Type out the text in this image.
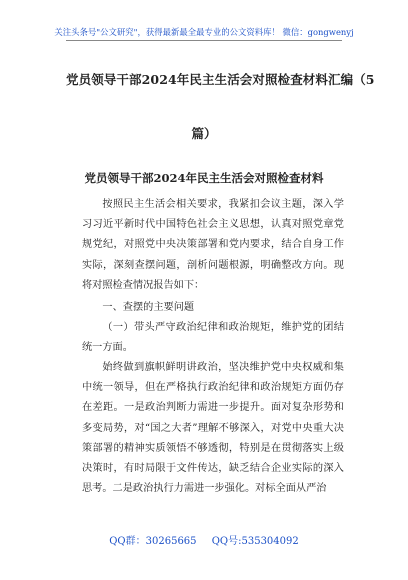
关注头条号"公文研究"，获得最新最全最专业的公文资料库！ 微信：gongwenyj
党员领导干部2024年民主生活会对照检查材料汇编（5
篇）
党员领导干部2024年民主生活会对照检查材料

按照民主生活会相关要求，我紧扣会议主题，深入学习习近平新时代中国特色社会主义思想，认真对照党章党规党纪，对照党中央决策部署和党内要求，结合自身工作实际，深刻查摆问题，剖析问题根源，明确整改方向。现将对照检查情况报告如下：

一、查摆的主要问题

（一）带头严守政治纪律和政治规矩，维护党的团结统一方面。

始终做到旗帜鲜明讲政治，坚决维护党中央权威和集中统一领导，但在严格执行政治纪律和政治规矩方面仍存在差距。一是政治判断力需进一步提升。面对复杂形势和多变局势，对“国之大者”理解不够深入，对党中央重大决策部署的精神实质领悟不够透彻，特别是在贯彻落实上级决策时，有时局限于文件传达，缺乏结合企业实际的深入思考。二是政治执行力需进一步强化。对标全面从严治

QQ群：30265665 QQ号:535304092
